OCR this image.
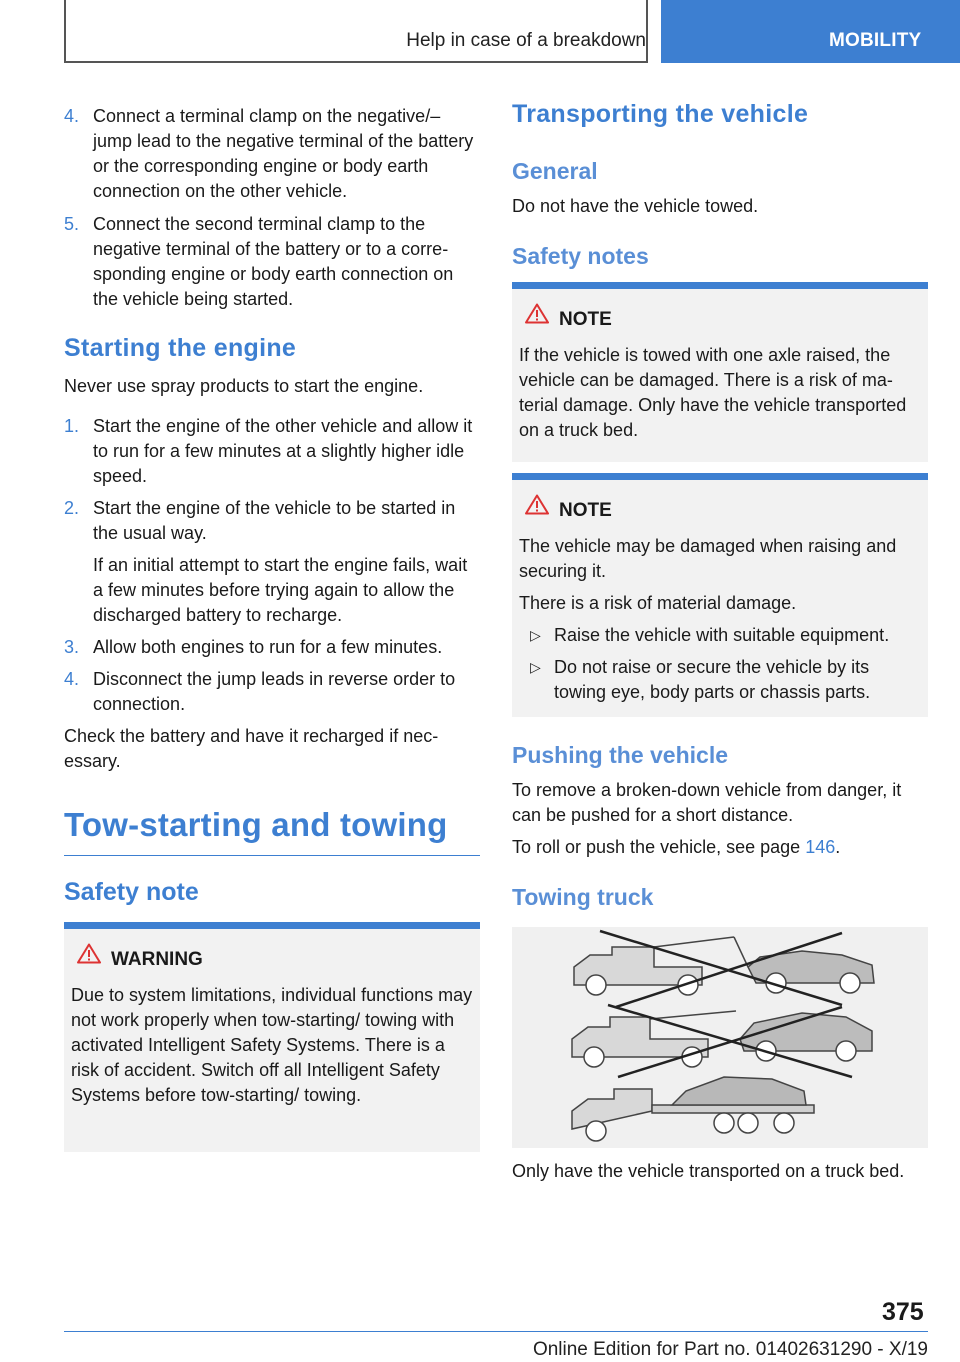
Help in case of a breakdown	MOBILITY
4. Connect a terminal clamp on the negative/– jump lead to the negative terminal of the battery or the corresponding engine or body earth connection on the other vehicle.
5. Connect the second terminal clamp to the negative terminal of the battery or to a corresponding engine or body earth connection on the vehicle being started.
Starting the engine
Never use spray products to start the engine.
1. Start the engine of the other vehicle and allow it to run for a few minutes at a slightly higher idle speed.
2. Start the engine of the vehicle to be started in the usual way.
If an initial attempt to start the engine fails, wait a few minutes before trying again to allow the discharged battery to recharge.
3. Allow both engines to run for a few minutes.
4. Disconnect the jump leads in reverse order to connection.
Check the battery and have it recharged if necessary.
Tow-starting and towing
Safety note
WARNING

Due to system limitations, individual functions may not work properly when tow-starting/ towing with activated Intelligent Safety Systems. There is a risk of accident. Switch off all Intelligent Safety Systems before tow-starting/ towing.

Transporting the vehicle
General
Do not have the vehicle towed.
Safety notes
NOTE

If the vehicle is towed with one axle raised, the vehicle can be damaged. There is a risk of material damage. Only have the vehicle transported on a truck bed.

NOTE

The vehicle may be damaged when raising and securing it.

There is a risk of material damage.

▷ Raise the vehicle with suitable equipment.
▷ Do not raise or secure the vehicle by its towing eye, body parts or chassis parts.
Pushing the vehicle
To remove a broken-down vehicle from danger, it can be pushed for a short distance.
To roll or push the vehicle, see page 146.
Towing truck
Only have the vehicle transported on a truck bed.
375
Online Edition for Part no. 01402631290 - X/19
